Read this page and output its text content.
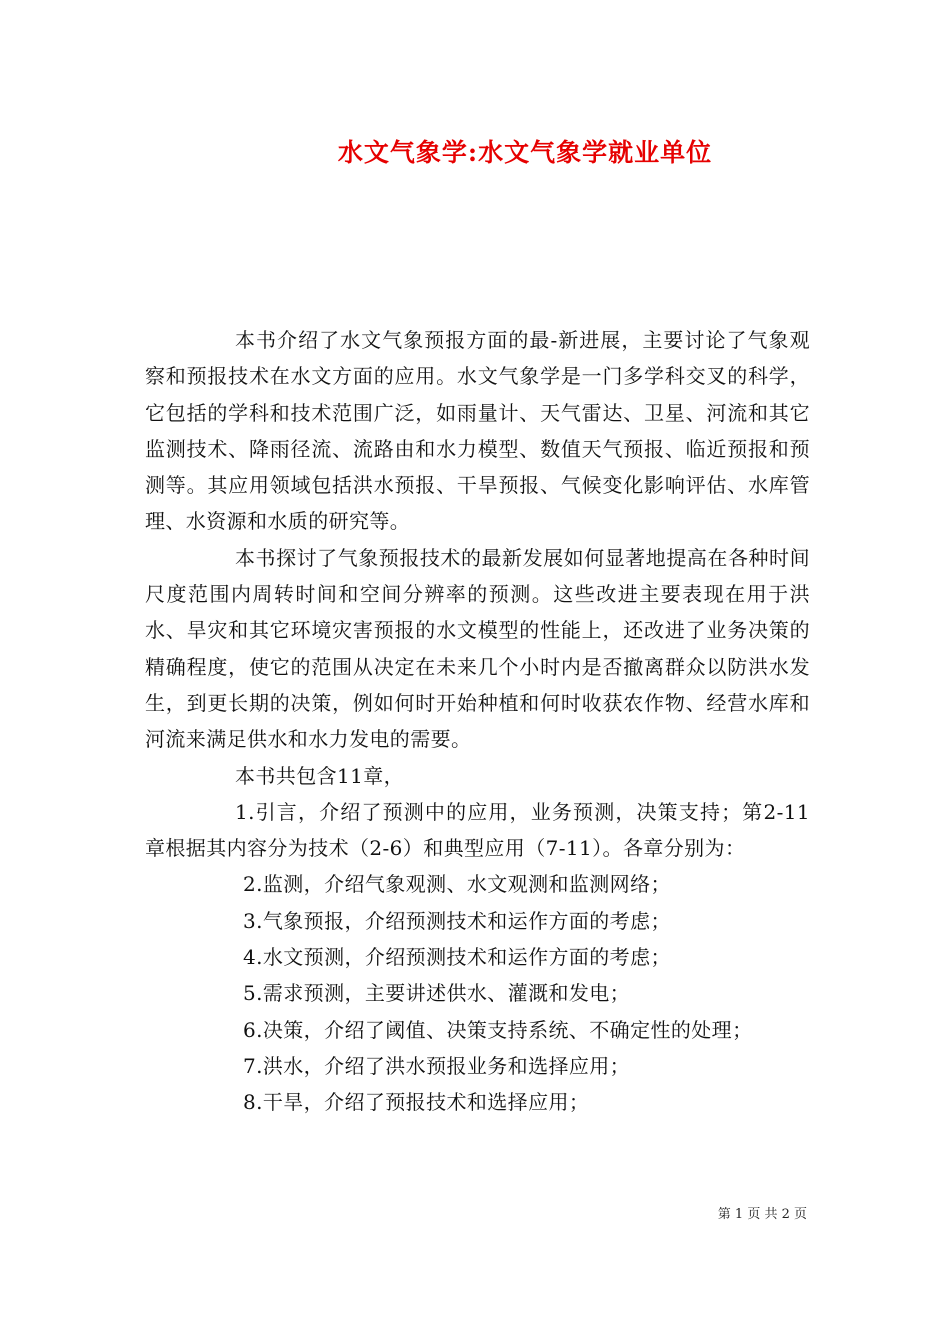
水文气象学:水文气象学就业单位

本书介绍了水文气象预报方面的最-新进展，主要讨论了气象观察和预报技术在水文方面的应用。水文气象学是一门多学科交叉的科学，它包括的学科和技术范围广泛，如雨量计、天气雷达、卫星、河流和其它监测技术、降雨径流、流路由和水力模型、数值天气预报、临近预报和预测等。其应用领域包括洪水预报、干旱预报、气候变化影响评估、水库管理、水资源和水质的研究等。

本书探讨了气象预报技术的最新发展如何显著地提高在各种时间尺度范围内周转时间和空间分辨率的预测。这些改进主要表现在用于洪水、旱灾和其它环境灾害预报的水文模型的性能上，还改进了业务决策的精确程度，使它的范围从决定在未来几个小时内是否撤离群众以防洪水发生，到更长期的决策，例如何时开始种植和何时收获农作物、经营水库和河流来满足供水和水力发电的需要。

本书共包含11章，

1.引言，介绍了预测中的应用，业务预测，决策支持；第2-11章根据其内容分为技术（2-6）和典型应用（7-11）。各章分别为：

2.监测，介绍气象观测、水文观测和监测网络；

3.气象预报，介绍预测技术和运作方面的考虑；

4.水文预测，介绍预测技术和运作方面的考虑；

5.需求预测，主要讲述供水、灌溉和发电；

6.决策，介绍了阈值、决策支持系统、不确定性的处理；

7.洪水，介绍了洪水预报业务和选择应用；

8.干旱，介绍了预报技术和选择应用；

第 1 页 共 2 页
